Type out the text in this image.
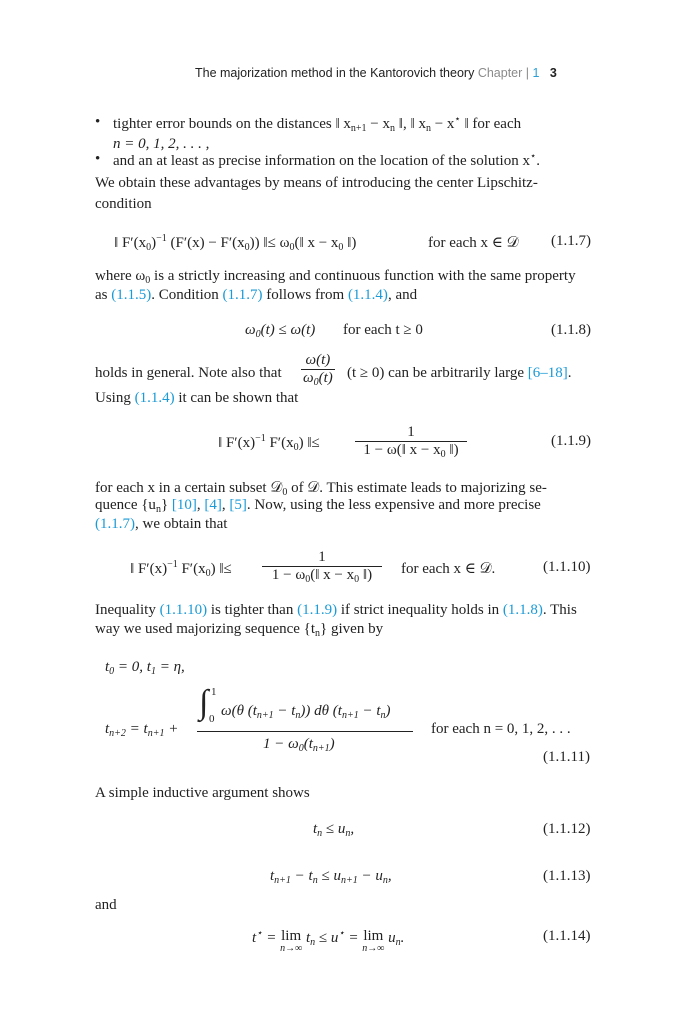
The majorization method in the Kantorovich theory Chapter | 1 3
• tighter error bounds on the distances ‖ $x_{n+1} - x_n$ ‖, ‖ $x_n - x^⋆$ ‖ for each
n = 0, 1, 2, . . . ,
• and an at least as precise information on the location of the solution x⋆.
We obtain these advantages by means of introducing the center Lipschitz-
condition
‖ $F'(x_0)^{-1}$ $(F'(x) - F'(x_0))$ ‖≤ $\omega_0(‖$ $x - x_0$ ‖)	for each x ∈ 𝒟 (1.1.7)
where $\omega_0$ is a strictly increasing and continuous function with the same property
as (1.1.5). Condition (1.1.7) follows from (1.1.4), and
$\omega_0(t) \le \omega(t)$ for each t ≥ 0	(1.1.8)
holds in general. Note also that $\frac{\omega(t)}{\omega_0(t)} (t \ge 0)$ can be arbitrarily large [6–18].
Using (1.1.4) it can be shown that
‖ $F'(x)^{-1}$ $F'(x_0)$ ‖≤ $\frac{1}{1 - \omega(‖ x - x_0 ‖)}$	(1.1.9)
for each x in a certain subset 𝒟$_0$ of 𝒟. This estimate leads to majorizing se-
quence $\{u_n\}$ [10], [4], [5]. Now, using the less expensive and more precise
(1.1.7), we obtain that
‖ $F'(x)^{-1}$ $F'(x_0)$ ‖≤ $\frac{1}{1 - \omega_0(‖ x - x_0 ‖)}$ for each x ∈ 𝒟.	(1.1.10)
Inequality (1.1.10) is tighter than (1.1.9) if strict inequality holds in (1.1.8). This
way we used majorizing sequence $\{t_n\}$ given by
$t_0 = 0$, $t_1 = \eta$,
$t_{n+2} = t_{n+1}$ +
∫ 1
0 ω(θ $(t_{n+1} - t_n)$) dθ $(t_{n+1} - t_n)$
$1 - \omega_0(t_{n+1})$
for each n = 0, 1, 2, . . .
(1.1.11)
A simple inductive argument shows
$t_n \le u_n$,	(1.1.12)
$t_{n+1} - t_n \le u_{n+1} - u_n$,	(1.1.13)
and
t⋆ = lim
$^{n\to\infty}$ $t_n \le u^⋆ = \lim$
$^{n\to\infty}$ $u_n$.	(1.1.14)
